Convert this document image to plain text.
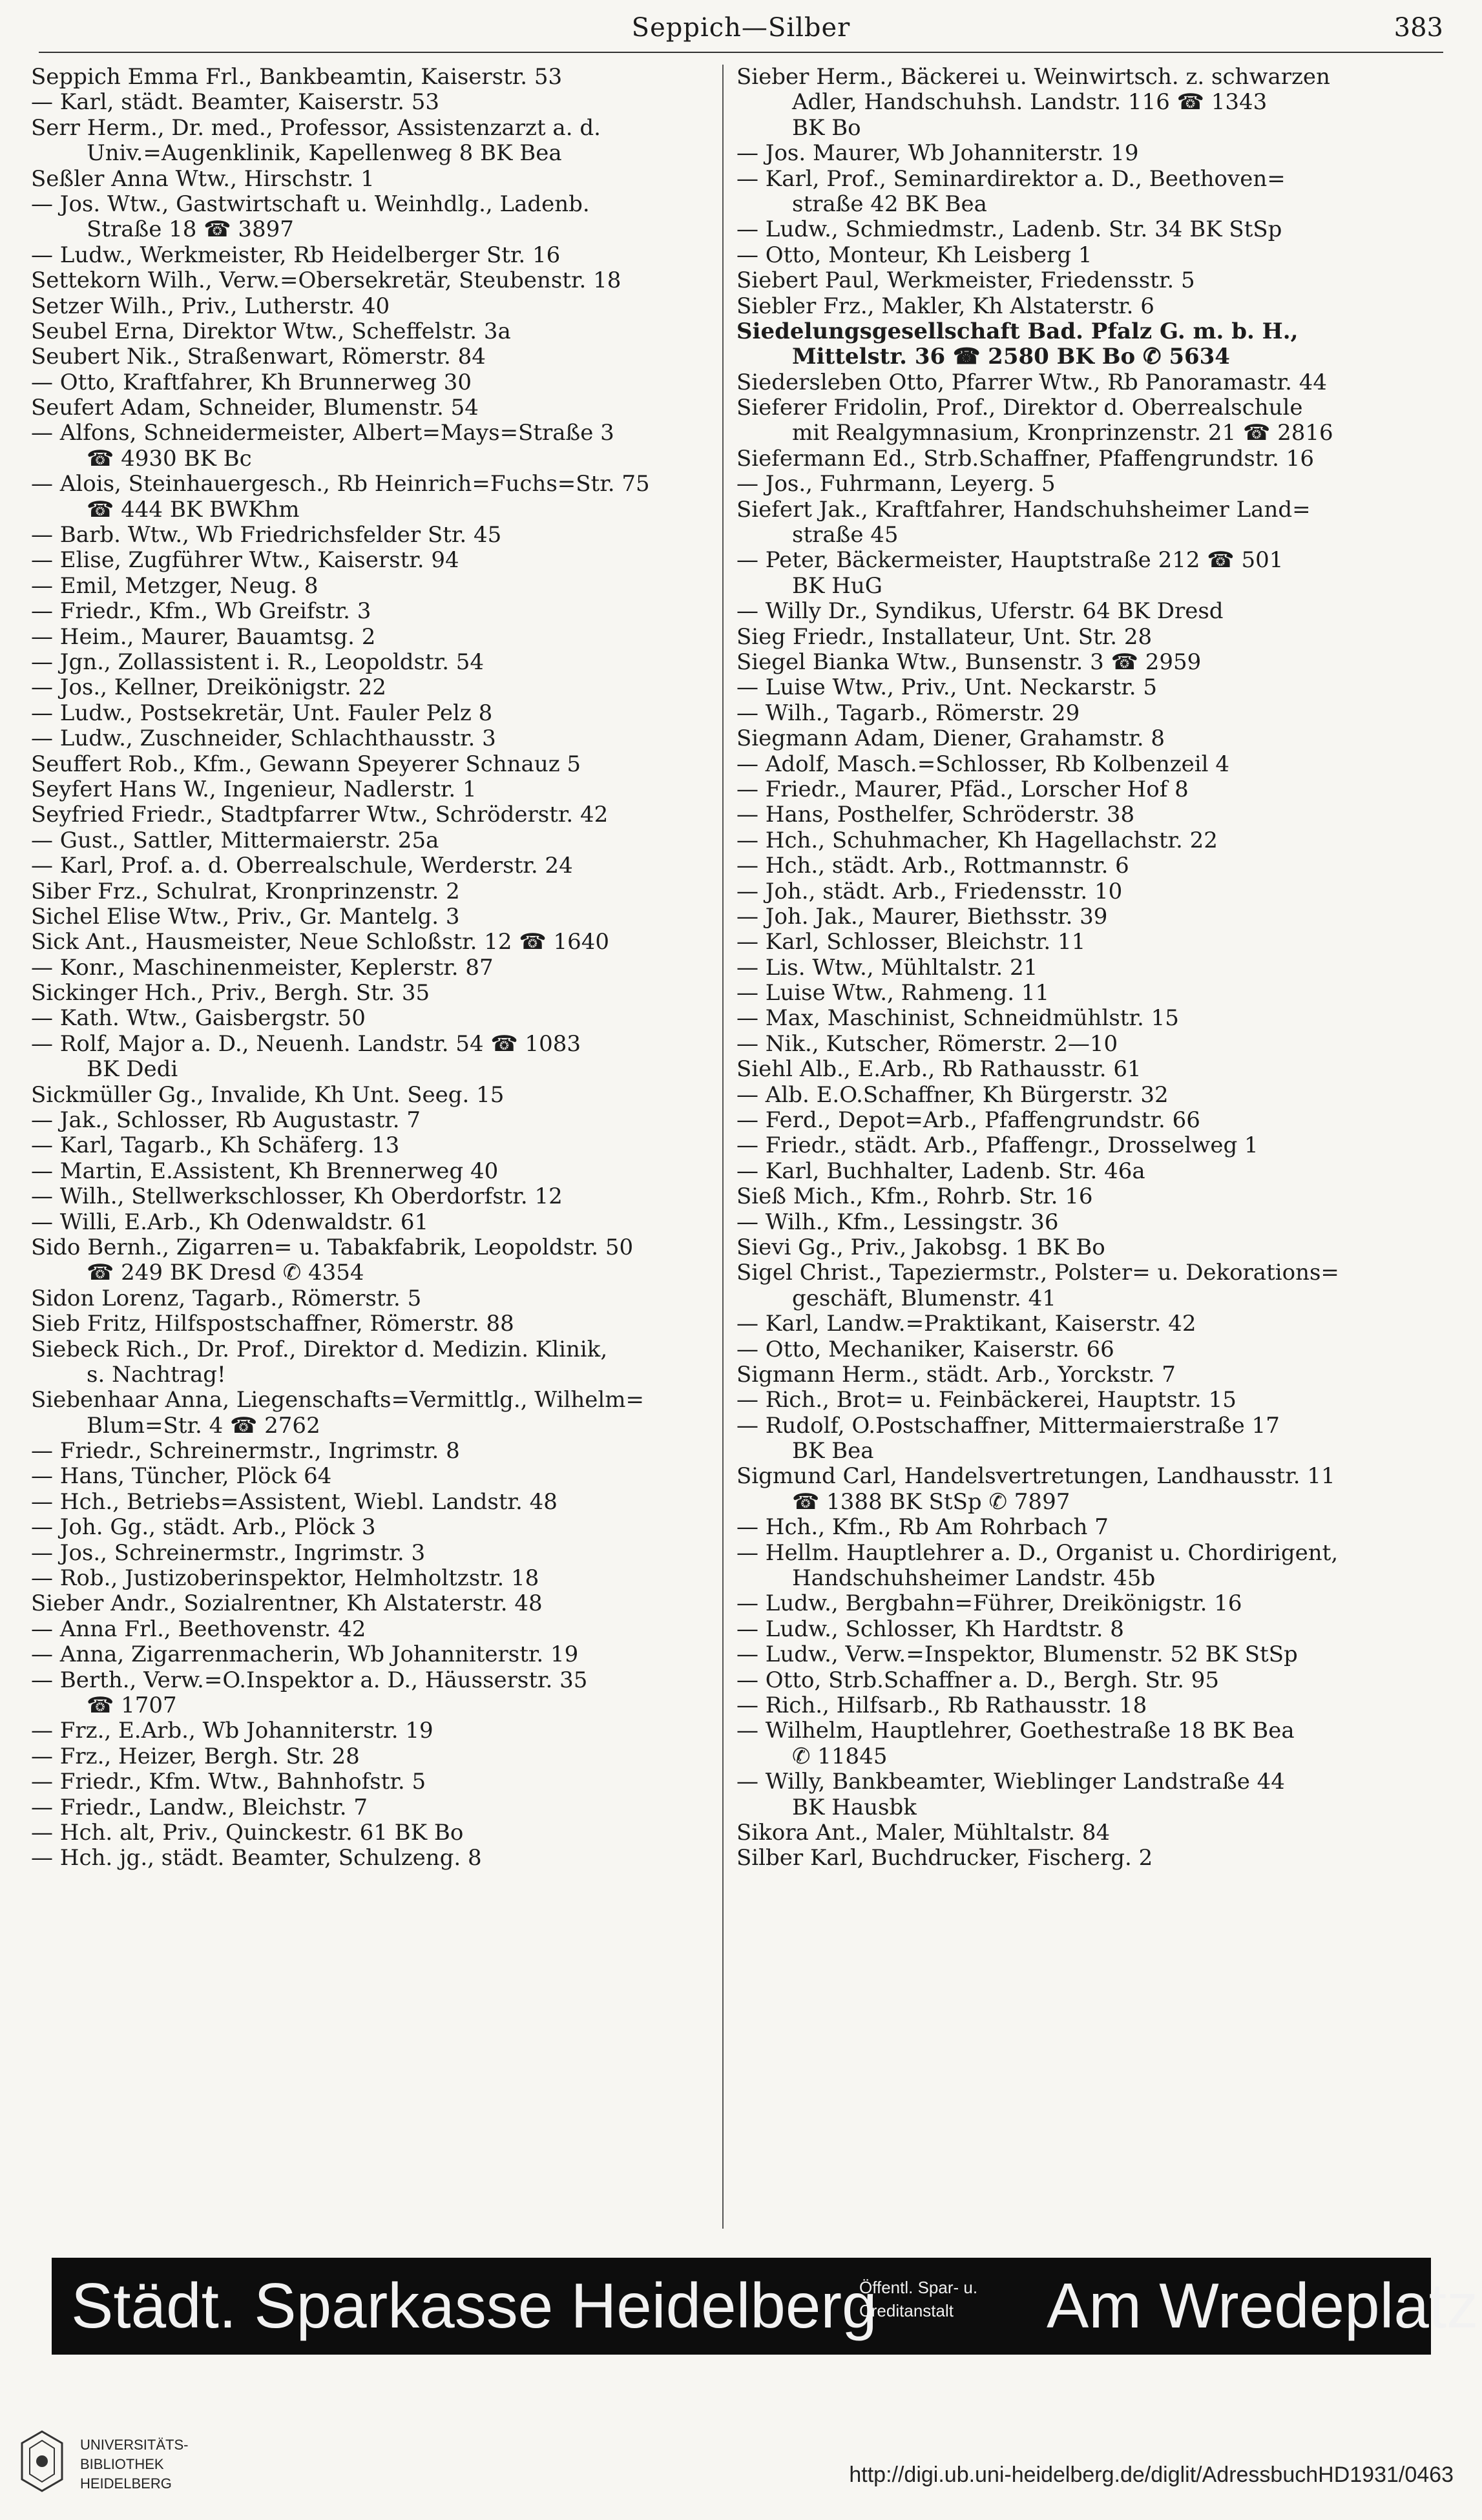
Seppich—Silber	383
Seppich Emma Frl., Bankbeamtin, Kaiserstr. 53
— Karl, städt. Beamter, Kaiserstr. 53
Serr Herm., Dr. med., Professor, Assistenzarzt a. d.
Univ.=Augenklinik, Kapellenweg 8 BK Bea
Seßler Anna Wtw., Hirschstr. 1
— Jos. Wtw., Gastwirtschaft u. Weinhdlg., Ladenb.
Straße 18 ☎ 3897
— Ludw., Werkmeister, Rb Heidelberger Str. 16
Settekorn Wilh., Verw.=Obersekretär, Steubenstr. 18
Setzer Wilh., Priv., Lutherstr. 40
Seubel Erna, Direktor Wtw., Scheffelstr. 3a
Seubert Nik., Straßenwart, Römerstr. 84
— Otto, Kraftfahrer, Kh Brunnerweg 30
Seufert Adam, Schneider, Blumenstr. 54
— Alfons, Schneidermeister, Albert=Mays=Straße 3
☎ 4930 BK Bc
— Alois, Steinhauergesch., Rb Heinrich=Fuchs=Str. 75
☎ 444 BK BWKhm
— Barb. Wtw., Wb Friedrichsfelder Str. 45
— Elise, Zugführer Wtw., Kaiserstr. 94
— Emil, Metzger, Neug. 8
— Friedr., Kfm., Wb Greifstr. 3
— Heim., Maurer, Bauamtsg. 2
— Jgn., Zollassistent i. R., Leopoldstr. 54
— Jos., Kellner, Dreikönigstr. 22
— Ludw., Postsekretär, Unt. Fauler Pelz 8
— Ludw., Zuschneider, Schlachthausstr. 3
Seuffert Rob., Kfm., Gewann Speyerer Schnauz 5
Seyfert Hans W., Ingenieur, Nadlerstr. 1
Seyfried Friedr., Stadtpfarrer Wtw., Schröderstr. 42
— Gust., Sattler, Mittermaierstr. 25a
— Karl, Prof. a. d. Oberrealschule, Werderstr. 24
Siber Frz., Schulrat, Kronprinzenstr. 2
Sichel Elise Wtw., Priv., Gr. Mantelg. 3
Sick Ant., Hausmeister, Neue Schloßstr. 12 ☎ 1640
— Konr., Maschinenmeister, Keplerstr. 87
Sickinger Hch., Priv., Bergh. Str. 35
— Kath. Wtw., Gaisbergstr. 50
— Rolf, Major a. D., Neuenh. Landstr. 54 ☎ 1083
BK Dedi
Sickmüller Gg., Invalide, Kh Unt. Seeg. 15
— Jak., Schlosser, Rb Augustastr. 7
— Karl, Tagarb., Kh Schäferg. 13
— Martin, E.Assistent, Kh Brennerweg 40
— Wilh., Stellwerkschlosser, Kh Oberdorfstr. 12
— Willi, E.Arb., Kh Odenwaldstr. 61
Sido Bernh., Zigarren= u. Tabakfabrik, Leopoldstr. 50
☎ 249 BK Dresd ✆ 4354
Sidon Lorenz, Tagarb., Römerstr. 5
Sieb Fritz, Hilfspostschaffner, Römerstr. 88
Siebeck Rich., Dr. Prof., Direktor d. Medizin. Klinik,
s. Nachtrag!
Siebenhaar Anna, Liegenschafts=Vermittlg., Wilhelm=
Blum=Str. 4 ☎ 2762
— Friedr., Schreinermstr., Ingrimstr. 8
— Hans, Tüncher, Plöck 64
— Hch., Betriebs=Assistent, Wiebl. Landstr. 48
— Joh. Gg., städt. Arb., Plöck 3
— Jos., Schreinermstr., Ingrimstr. 3
— Rob., Justizoberinspektor, Helmholtzstr. 18
Sieber Andr., Sozialrentner, Kh Alstaterstr. 48
— Anna Frl., Beethovenstr. 42
— Anna, Zigarrenmacherin, Wb Johanniterstr. 19
— Berth., Verw.=O.Inspektor a. D., Häusserstr. 35
☎ 1707
— Frz., E.Arb., Wb Johanniterstr. 19
— Frz., Heizer, Bergh. Str. 28
— Friedr., Kfm. Wtw., Bahnhofstr. 5
— Friedr., Landw., Bleichstr. 7
— Hch. alt, Priv., Quinckestr. 61 BK Bo
— Hch. jg., städt. Beamter, Schulzeng. 8
Sieber Herm., Bäckerei u. Weinwirtsch. z. schwarzen
Adler, Handschuhsh. Landstr. 116 ☎ 1343
BK Bo
— Jos. Maurer, Wb Johanniterstr. 19
— Karl, Prof., Seminardirektor a. D., Beethoven=
straße 42 BK Bea
— Ludw., Schmiedmstr., Ladenb. Str. 34 BK StSp
— Otto, Monteur, Kh Leisberg 1
Siebert Paul, Werkmeister, Friedensstr. 5
Siebler Frz., Makler, Kh Alstaterstr. 6
Siedelungsgesellschaft Bad. Pfalz G. m. b. H.,
Mittelstr. 36 ☎ 2580 BK Bo ✆ 5634
Siedersleben Otto, Pfarrer Wtw., Rb Panoramastr. 44
Sieferer Fridolin, Prof., Direktor d. Oberrealschule
mit Realgymnasium, Kronprinzenstr. 21 ☎ 2816
Siefermann Ed., Strb.Schaffner, Pfaffengrundstr. 16
— Jos., Fuhrmann, Leyerg. 5
Siefert Jak., Kraftfahrer, Handschuhsheimer Land=
straße 45
— Peter, Bäckermeister, Hauptstraße 212 ☎ 501
BK HuG
— Willy Dr., Syndikus, Uferstr. 64 BK Dresd
Sieg Friedr., Installateur, Unt. Str. 28
Siegel Bianka Wtw., Bunsenstr. 3 ☎ 2959
— Luise Wtw., Priv., Unt. Neckarstr. 5
— Wilh., Tagarb., Römerstr. 29
Siegmann Adam, Diener, Grahamstr. 8
— Adolf, Masch.=Schlosser, Rb Kolbenzeil 4
— Friedr., Maurer, Pfäd., Lorscher Hof 8
— Hans, Posthelfer, Schröderstr. 38
— Hch., Schuhmacher, Kh Hagellachstr. 22
— Hch., städt. Arb., Rottmannstr. 6
— Joh., städt. Arb., Friedensstr. 10
— Joh. Jak., Maurer, Biethsstr. 39
— Karl, Schlosser, Bleichstr. 11
— Lis. Wtw., Mühltalstr. 21
— Luise Wtw., Rahmeng. 11
— Max, Maschinist, Schneidmühlstr. 15
— Nik., Kutscher, Römerstr. 2—10
Siehl Alb., E.Arb., Rb Rathausstr. 61
— Alb. E.O.Schaffner, Kh Bürgerstr. 32
— Ferd., Depot=Arb., Pfaffengrundstr. 66
— Friedr., städt. Arb., Pfaffengr., Drosselweg 1
— Karl, Buchhalter, Ladenb. Str. 46a
Sieß Mich., Kfm., Rohrb. Str. 16
— Wilh., Kfm., Lessingstr. 36
Sievi Gg., Priv., Jakobsg. 1 BK Bo
Sigel Christ., Tapeziermstr., Polster= u. Dekorations=
geschäft, Blumenstr. 41
— Karl, Landw.=Praktikant, Kaiserstr. 42
— Otto, Mechaniker, Kaiserstr. 66
Sigmann Herm., städt. Arb., Yorckstr. 7
— Rich., Brot= u. Feinbäckerei, Hauptstr. 15
— Rudolf, O.Postschaffner, Mittermaierstraße 17
BK Bea
Sigmund Carl, Handelsvertretungen, Landhausstr. 11
☎ 1388 BK StSp ✆ 7897
— Hch., Kfm., Rb Am Rohrbach 7
— Hellm. Hauptlehrer a. D., Organist u. Chordirigent,
Handschuhsheimer Landstr. 45b
— Ludw., Bergbahn=Führer, Dreikönigstr. 16
— Ludw., Schlosser, Kh Hardtstr. 8
— Ludw., Verw.=Inspektor, Blumenstr. 52 BK StSp
— Otto, Strb.Schaffner a. D., Bergh. Str. 95
— Rich., Hilfsarb., Rb Rathausstr. 18
— Wilhelm, Hauptlehrer, Goethestraße 18 BK Bea
✆ 11845
— Willy, Bankbeamter, Wieblinger Landstraße 44
BK Hausbk
Sikora Ant., Maler, Mühltalstr. 84
Silber Karl, Buchdrucker, Fischerg. 2
Städt. Sparkasse Heidelberg
Öffentl. Spar- u.
Creditanstalt	Am Wredeplatz
UNIVERSITÄTS-
BIBLIOTHEK
HEIDELBERG	http://digi.ub.uni-heidelberg.de/diglit/AdressbuchHD1931/0463
